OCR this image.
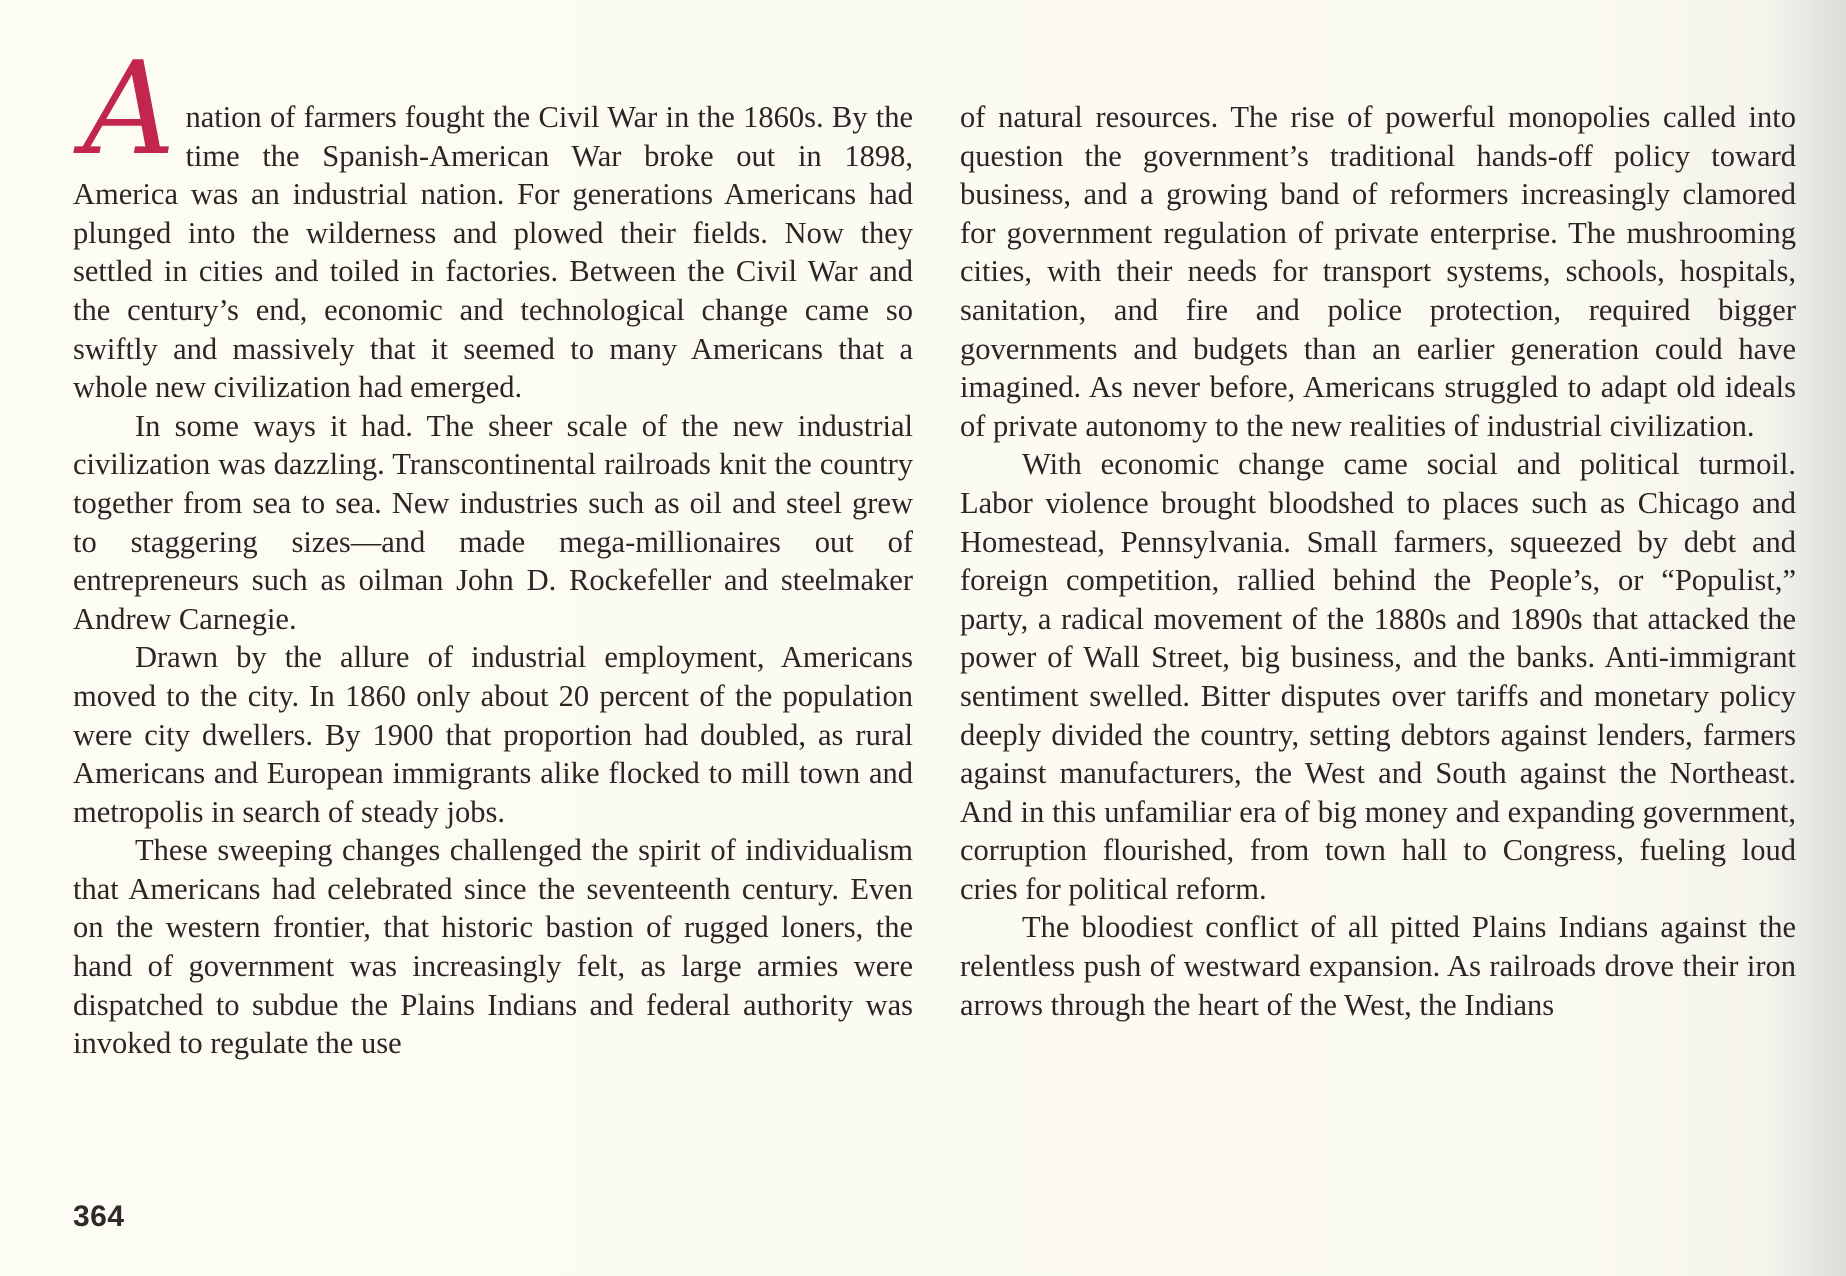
Anation of farmers fought the Civil War in the 1860s. By the time the Spanish-American War broke out in 1898, America was an industrial nation. For generations Americans had plunged into the wilderness and plowed their fields. Now they settled in cities and toiled in factories. Between the Civil War and the century’s end, economic and technological change came so swiftly and massively that it seemed to many Americans that a whole new civilization had emerged.

In some ways it had. The sheer scale of the new industrial civilization was dazzling. Transcontinental railroads knit the country together from sea to sea. New industries such as oil and steel grew to staggering sizes—and made mega-millionaires out of entrepreneurs such as oilman John D. Rockefeller and steelmaker Andrew Carnegie.

Drawn by the allure of industrial employment, Americans moved to the city. In 1860 only about 20 percent of the population were city dwellers. By 1900 that proportion had doubled, as rural Americans and European immigrants alike flocked to mill town and metropolis in search of steady jobs.

These sweeping changes challenged the spirit of individualism that Americans had celebrated since the seventeenth century. Even on the western frontier, that historic bastion of rugged loners, the hand of government was increasingly felt, as large armies were dispatched to subdue the Plains Indians and federal authority was invoked to regulate the use

of natural resources. The rise of powerful monopolies called into question the government’s traditional hands-off policy toward business, and a growing band of reformers increasingly clamored for government regulation of private enterprise. The mushrooming cities, with their needs for transport systems, schools, hospitals, sanitation, and fire and police protection, required bigger governments and budgets than an earlier generation could have imagined. As never before, Americans struggled to adapt old ideals of private autonomy to the new realities of industrial civilization.

With economic change came social and political turmoil. Labor violence brought bloodshed to places such as Chicago and Homestead, Pennsylvania. Small farmers, squeezed by debt and foreign competition, rallied behind the People’s, or “Populist,” party, a radical movement of the 1880s and 1890s that attacked the power of Wall Street, big business, and the banks. Anti-immigrant sentiment swelled. Bitter disputes over tariffs and monetary policy deeply divided the country, setting debtors against lenders, farmers against manufacturers, the West and South against the Northeast. And in this unfamiliar era of big money and expanding government, corruption flourished, from town hall to Congress, fueling loud cries for political reform.

The bloodiest conflict of all pitted Plains Indians against the relentless push of westward expansion. As railroads drove their iron arrows through the heart of the West, the Indians

364
